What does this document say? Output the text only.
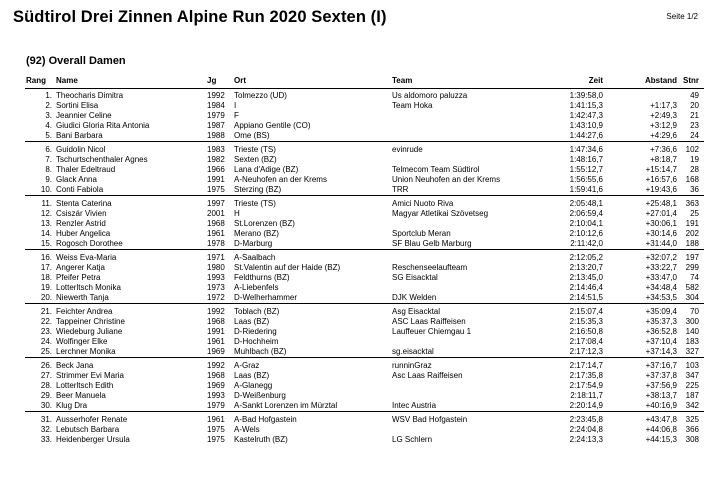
Südtirol Drei Zinnen Alpine Run 2020 Sexten (I)	Seite 1/2
(92) Overall Damen
Rang Name	Jg Ort	Team	Zeit	Abstand Stnr
1. Theocharis Dimitra	1992 Tolmezzo (UD)	Us aldomoro paluzza	1:39:58,0	49
2. Sortini Elisa	1984 I	Team Hoka	1:41:15,3	+1:17,3 20
3. Jeannier Celine	1979 F	1:42:47,3	+2:49,3 21
4. Giudici Gloria Rita Antonia	1987 Appiano Gentile (CO)	1:43:10,9	+3:12,9 23
5. Bani Barbara	1988 Ome (BS)	1:44:27,6	+4:29,6 24
6. Guidolin Nicol	1983 Trieste (TS)	evinrude	1:47:34,6	+7:36,6 102
7. Tschurtschenthaler Agnes	1982 Sexten (BZ)	1:48:16,7	+8:18,7 19
8. Thaler Edeltraud	1966 Lana d'Adige (BZ)	Telmecom Team Südtirol	1:55:12,7	+15:14,7 28
9. Glack Anna	1991 A-Neuhofen an der Krems	Union Neuhofen an der Krems	1:56:55,6	+16:57,6 168
10. Conti Fabiola	1975 Sterzing (BZ)	TRR	1:59:41,6	+19:43,6 36
11. Stenta Caterina	1997 Trieste (TS)	Amici Nuoto Riva	2:05:48,1	+25:48,1 363
12. Csiszár Vivien	2001 H	Magyar Atletikai Szövetseg	2:06:59,4	+27:01,4 25
13. Renzler Astrid	1968 St.Lorenzen (BZ)	2:10:04,1	+30:06,1 191
14. Huber Angelica	1961 Merano (BZ)	Sportclub Meran	2:10:12,6	+30:14,6 202
15. Rogosch Dorothee	1978 D-Marburg	SF Blau Gelb Marburg	2:11:42,0	+31:44,0 188
16. Weiss Eva-Maria	1971 A-Saalbach	2:12:05,2	+32:07,2 197
17. Angerer Katja	1980 St.Valentin auf der Haide (BZ)	Reschenseelaufteam	2:13:20,7	+33:22,7 299
18. Pfeifer Petra	1993 Feldthurns (BZ)	SG Eisacktal	2:13:45,0	+33:47,0 74
19. Lotterltsch Monika	1973 A-Liebenfels	2:14:46,4	+34:48,4 582
20. Niewerth Tanja	1972 D-Welherhammer	DJK Welden	2:14:51,5	+34:53,5 304
21. Feichter Andrea	1992 Toblach (BZ)	Asg Eisacktal	2:15:07,4	+35:09,4 70
22. Tappeiner Christine	1968 Laas (BZ)	ASC Laas Raiffeisen	2:15:35,3	+35:37,3 300
23. Wiedeburg Juliane	1991 D-Riedering	Lauffeuer Chiemgau 1	2:16:50,8	+36:52,8 140
24. Wolfinger Elke	1961 D-Hochheim	2:17:08,4	+37:10,4 183
25. Lerchner Monika	1969 Muhlbach (BZ)	sg.eisacktal	2:17:12,3	+37:14,3 327
26. Beck Jana	1992 A-Graz	runninGraz	2:17:14,7	+37:16,7 103
27. Strimmer Evi Maria	1968 Laas (BZ)	Asc Laas Raiffeisen	2:17:35,8	+37:37,8 347
28. Lotterltsch Edith	1969 A-Glanegg	2:17:54,9	+37:56,9 225
29. Beer Manuela	1993 D-Weißenburg	2:18:11,7	+38:13,7 187
30. Klug Dra	1979 A-Sankt Lorenzen im Mürztal	Intec Austria	2:20:14,9	+40:16,9 342
31. Ausserhofer Renate	1961 A-Bad Hofgastein	WSV Bad Hofgastein	2:23:45,8	+43:47,8 325
32. Lebutsch Barbara	1975 A-Wels	2:24:04,8	+44:06,8 366
33. Heidenberger Ursula	1975 Kastelruth (BZ)	LG Schlern	2:24:13,3	+44:15,3 308
